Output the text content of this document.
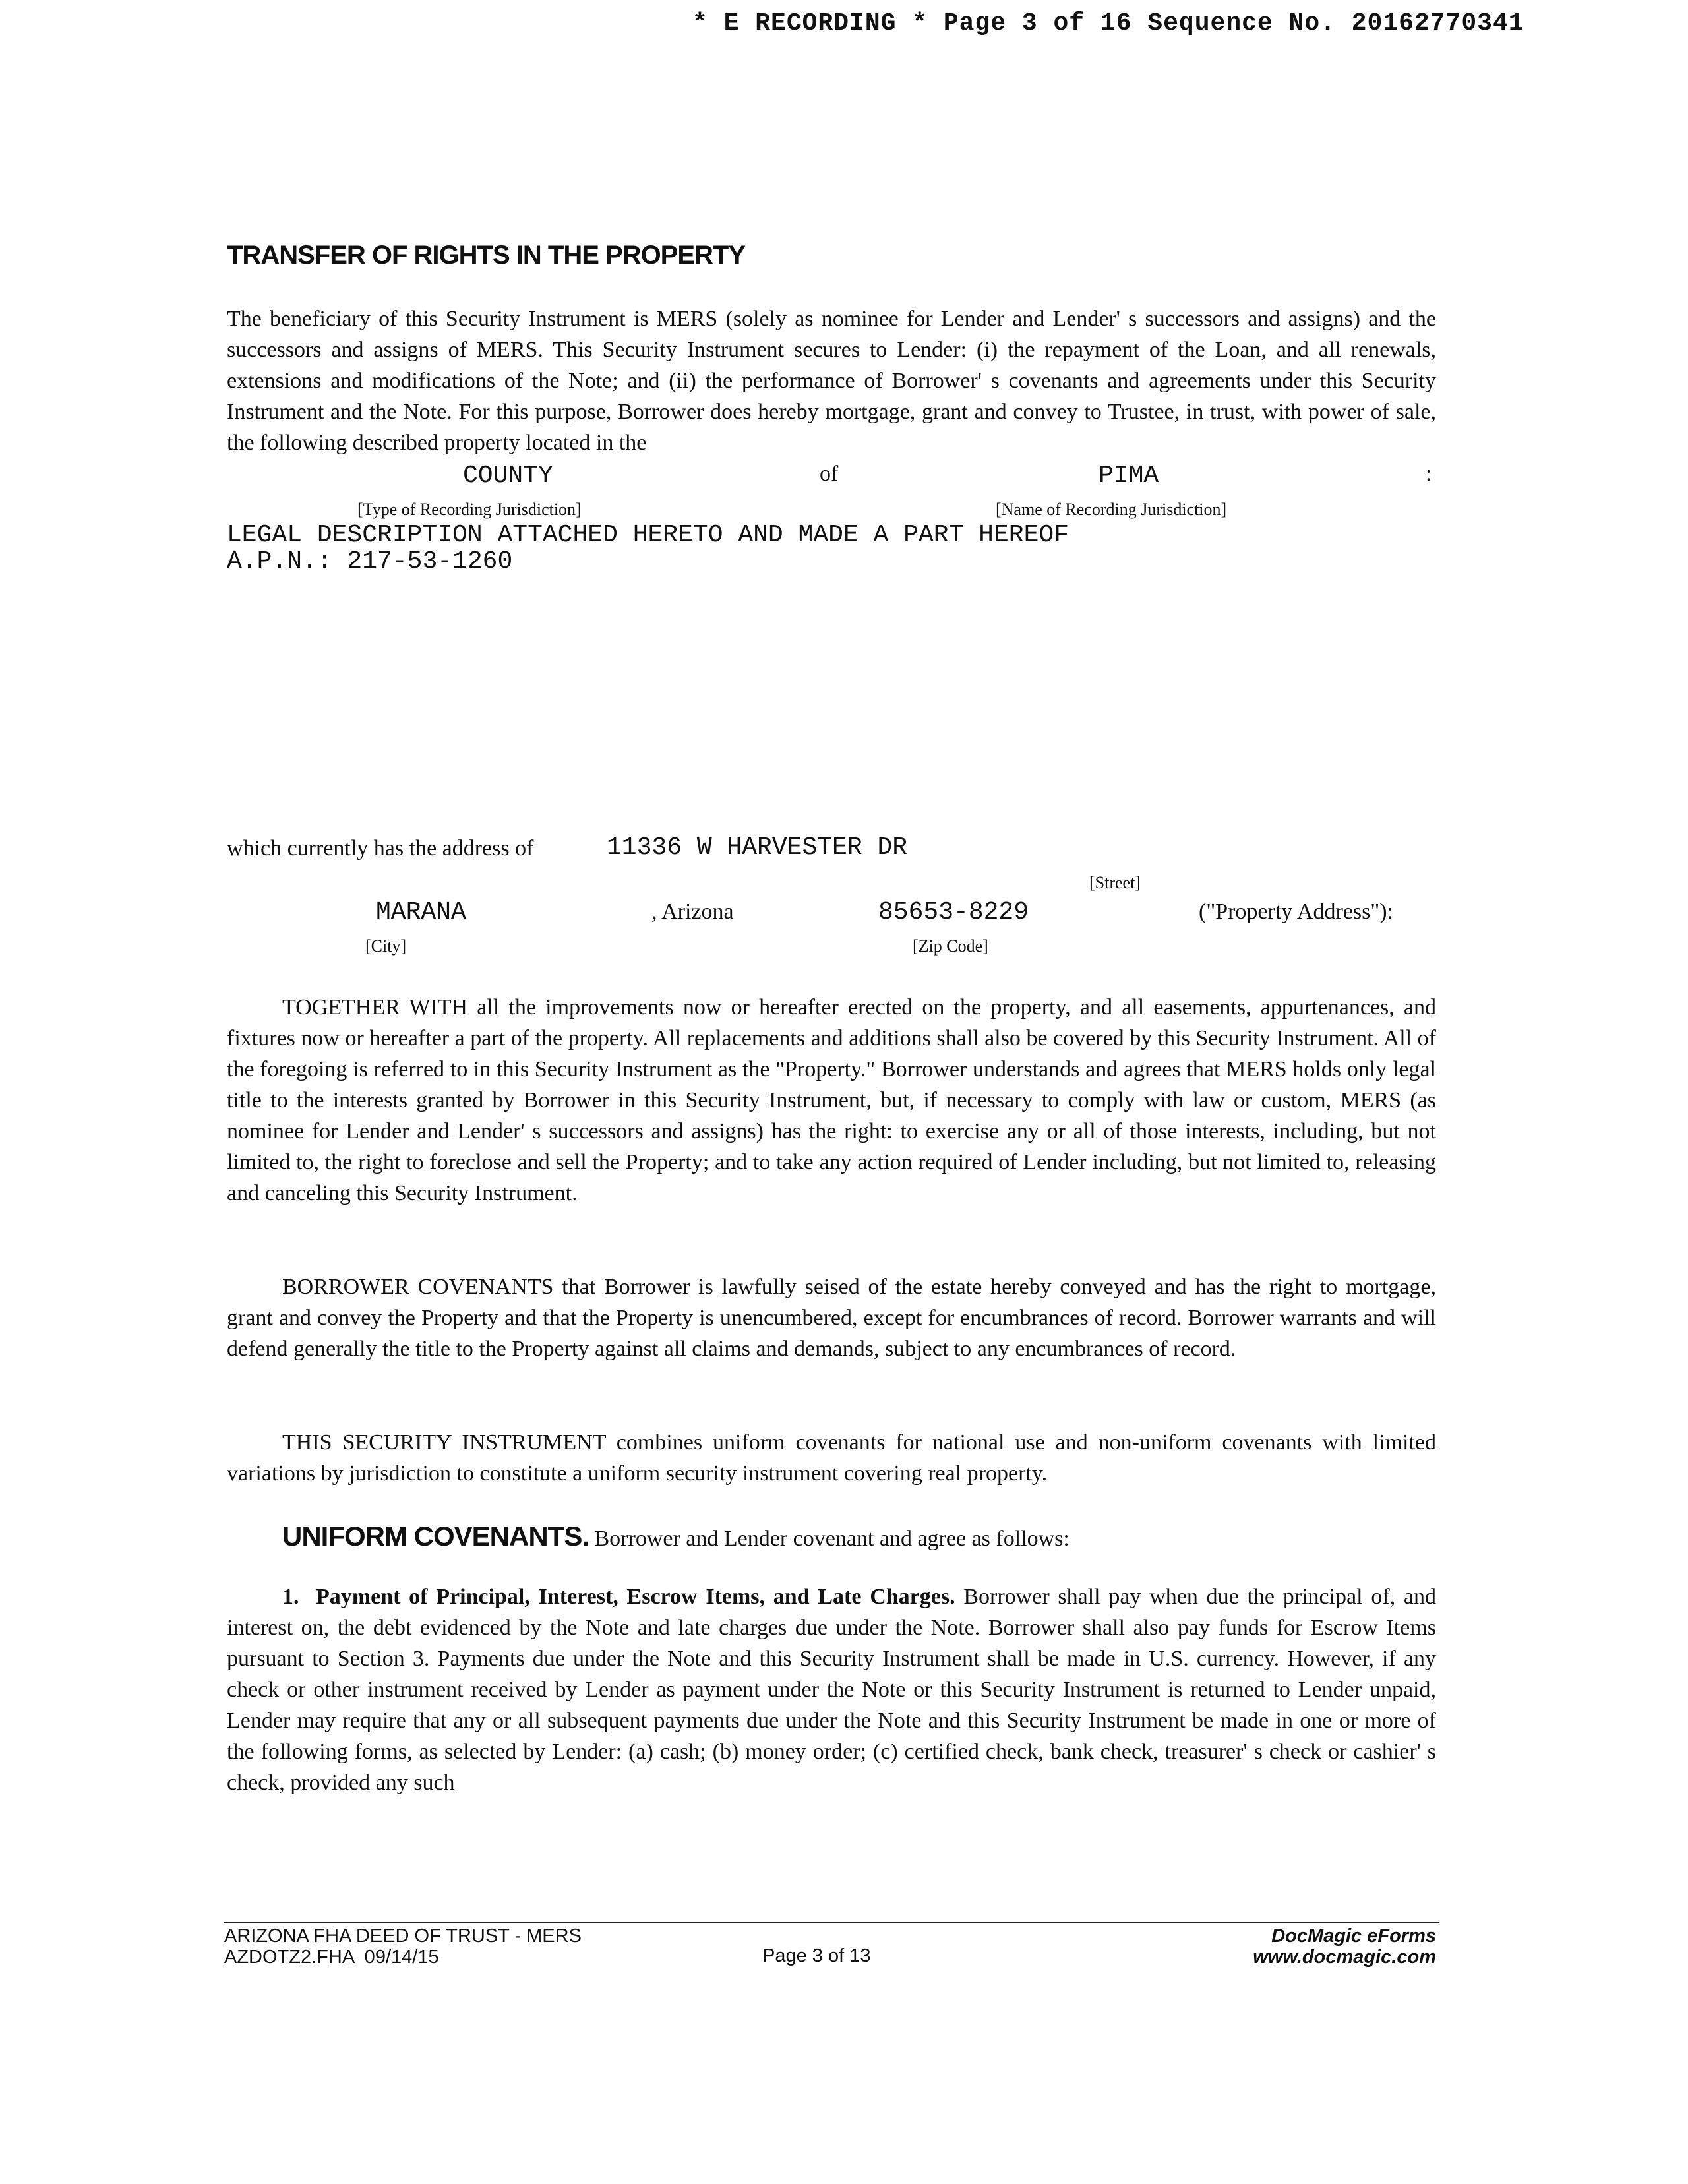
* E RECORDING * Page 3 of 16 Sequence No. 20162770341
TRANSFER OF RIGHTS IN THE PROPERTY
The beneficiary of this Security Instrument is MERS (solely as nominee for Lender and Lender' s successors and assigns) and the successors and assigns of MERS. This Security Instrument secures to Lender: (i) the repayment of the Loan, and all renewals, extensions and modifications of the Note; and (ii) the performance of Borrower' s covenants and agreements under this Security Instrument and the Note. For this purpose, Borrower does hereby mortgage, grant and convey to Trustee, in trust, with power of sale, the following described property located in the
COUNTY	of	PIMA	:
[Type of Recording Jurisdiction]	[Name of Recording Jurisdiction]
LEGAL DESCRIPTION ATTACHED HERETO AND MADE A PART HEREOF
A.P.N.: 217-53-1260
which currently has the address of	11336 W HARVESTER DR
[Street]
MARANA	, Arizona	85653-8229	("Property Address"):
[City]	[Zip Code]
TOGETHER WITH all the improvements now or hereafter erected on the property, and all easements, appurtenances, and fixtures now or hereafter a part of the property. All replacements and additions shall also be covered by this Security Instrument. All of the foregoing is referred to in this Security Instrument as the "Property." Borrower understands and agrees that MERS holds only legal title to the interests granted by Borrower in this Security Instrument, but, if necessary to comply with law or custom, MERS (as nominee for Lender and Lender' s successors and assigns) has the right: to exercise any or all of those interests, including, but not limited to, the right to foreclose and sell the Property; and to take any action required of Lender including, but not limited to, releasing and canceling this Security Instrument.
BORROWER COVENANTS that Borrower is lawfully seised of the estate hereby conveyed and has the right to mortgage, grant and convey the Property and that the Property is unencumbered, except for encumbrances of record. Borrower warrants and will defend generally the title to the Property against all claims and demands, subject to any encumbrances of record.
THIS SECURITY INSTRUMENT combines uniform covenants for national use and non-uniform covenants with limited variations by jurisdiction to constitute a uniform security instrument covering real property.
UNIFORM COVENANTS. Borrower and Lender covenant and agree as follows:
1. Payment of Principal, Interest, Escrow Items, and Late Charges. Borrower shall pay when due the principal of, and interest on, the debt evidenced by the Note and late charges due under the Note. Borrower shall also pay funds for Escrow Items pursuant to Section 3. Payments due under the Note and this Security Instrument shall be made in U.S. currency. However, if any check or other instrument received by Lender as payment under the Note or this Security Instrument is returned to Lender unpaid, Lender may require that any or all subsequent payments due under the Note and this Security Instrument be made in one or more of the following forms, as selected by Lender: (a) cash; (b) money order; (c) certified check, bank check, treasurer' s check or cashier' s check, provided any such
ARIZONA FHA DEED OF TRUST - MERS
AZDOTZ2.FHA  09/14/15	Page 3 of 13
DocMagic eForms
www.docmagic.com
